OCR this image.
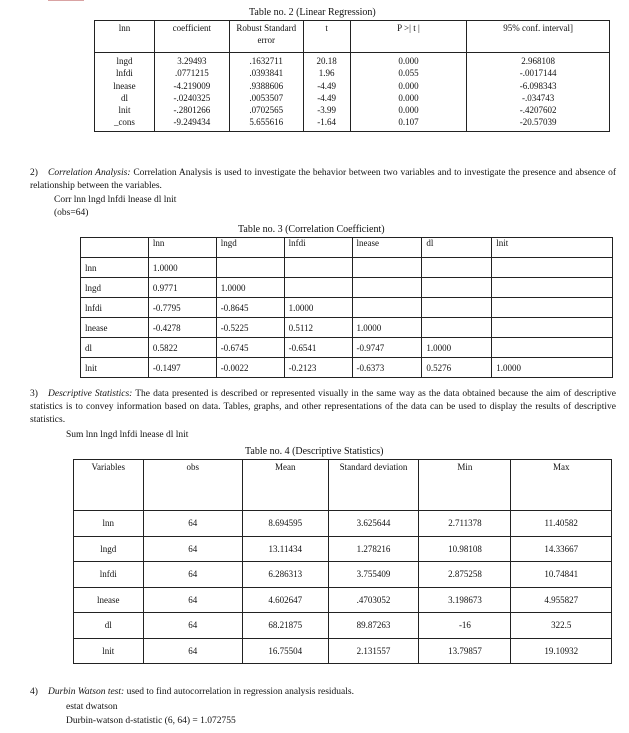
Table no. 2 (Linear Regression)
lnn	coefficient	Robust Standard error	t	P >| t |	95% conf. interval]
lngd	3.29493	.1632711	20.18	0.000	2.968108
lnfdi	.0771215	.0393841	1.96	0.055	-.0017144
lnease	-4.219009	.9388606	-4.49	0.000	-6.098343
dl	-.0240325	.0053507	-4.49	0.000	-.034743
lnit	-.2801266	.0702565	-3.99	0.000	-.4207602
_cons	-9.249434	5.655616	-1.64	0.107	-20.57039
2) Correlation Analysis: Correlation Analysis is used to investigate the behavior between two variables and to investigate the presence and absence of relationship between the variables.
Corr lnn lngd lnfdi lnease dl lnit
(obs=64)
Table no. 3 (Correlation Coefficient)
	lnn	lngd	lnfdi	lnease	dl	lnit
lnn	1.0000					
lngd	0.9771	1.0000				
lnfdi	-0.7795	-0.8645	1.0000			
lnease	-0.4278	-0.5225	0.5112	1.0000		
dl	0.5822	-0.6745	-0.6541	-0.9747	1.0000	
lnit	-0.1497	-0.0022	-0.2123	-0.6373	0.5276	1.0000
3) Descriptive Statistics: The data presented is described or represented visually in the same way as the data obtained because the aim of descriptive statistics is to convey information based on data. Tables, graphs, and other representations of the data can be used to display the results of descriptive statistics.
Sum lnn lngd lnfdi lnease dl lnit
Table no. 4 (Descriptive Statistics)
Variables	obs	Mean	Standard deviation	Min	Max
lnn	64	8.694595	3.625644	2.711378	11.40582
lngd	64	13.11434	1.278216	10.98108	14.33667
lnfdi	64	6.286313	3.755409	2.875258	10.74841
lnease	64	4.602647	.4703052	3.198673	4.955827
dl	64	68.21875	89.87263	-16	322.5
lnit	64	16.75504	2.131557	13.79857	19.10932
4) Durbin Watson test: used to find autocorrelation in regression analysis residuals.
estat dwatson
Durbin-watson d-statistic (6, 64) = 1.072755
